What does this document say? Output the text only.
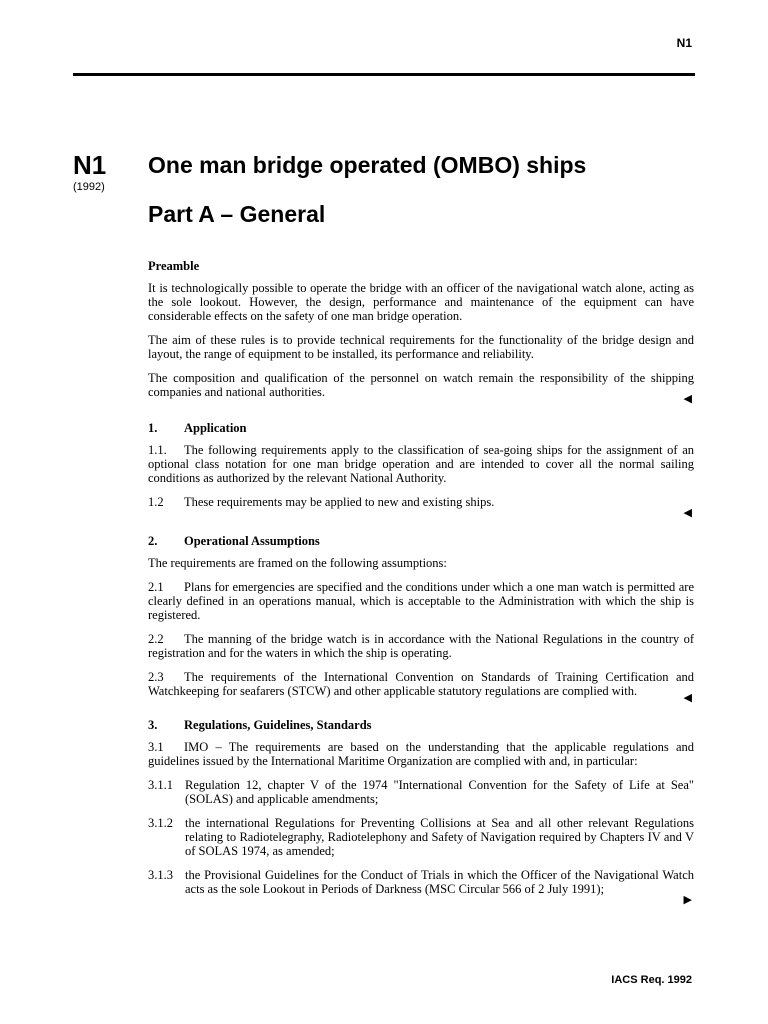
N1
N1
(1992)
One man bridge operated (OMBO) ships
Part A – General
Preamble

It is technologically possible to operate the bridge with an officer of the navigational watch alone, acting as the sole lookout. However, the design, performance and maintenance of the equipment can have considerable effects on the safety of one man bridge operation.

The aim of these rules is to provide technical requirements for the functionality of the bridge design and layout, the range of equipment to be installed, its performance and reliability.

The composition and qualification of the personnel on watch remain the responsibility of the shipping companies and national authorities.	◀
1. Application

1.1. The following requirements apply to the classification of sea-going ships for the assignment of an optional class notation for one man bridge operation and are intended to cover all the normal sailing conditions as authorized by the relevant National Authority.

1.2 These requirements may be applied to new and existing ships.

◀
2. Operational Assumptions

The requirements are framed on the following assumptions:

2.1 Plans for emergencies are specified and the conditions under which a one man watch is permitted are clearly defined in an operations manual, which is acceptable to the Administration with which the ship is registered.

2.2 The manning of the bridge watch is in accordance with the National Regulations in the country of registration and for the waters in which the ship is operating.

2.3 The requirements of the International Convention on Standards of Training Certification and Watchkeeping for seafarers (STCW) and other applicable statutory regulations are complied with.	◀
3. Regulations, Guidelines, Standards

3.1 IMO – The requirements are based on the understanding that the applicable regulations and guidelines issued by the International Maritime Organization are complied with and, in particular:

3.1.1 Regulation 12, chapter V of the 1974 "International Convention for the Safety of Life at Sea" (SOLAS) and applicable amendments;
3.1.2 the international Regulations for Preventing Collisions at Sea and all other relevant Regulations relating to Radiotelegraphy, Radiotelephony and Safety of Navigation required by Chapters IV and V of SOLAS 1974, as amended;
3.1.3 the Provisional Guidelines for the Conduct of Trials in which the Officer of the Navigational Watch acts as the sole Lookout in Periods of Darkness (MSC Circular 566 of 2 July 1991);
▶
IACS Req. 1992
